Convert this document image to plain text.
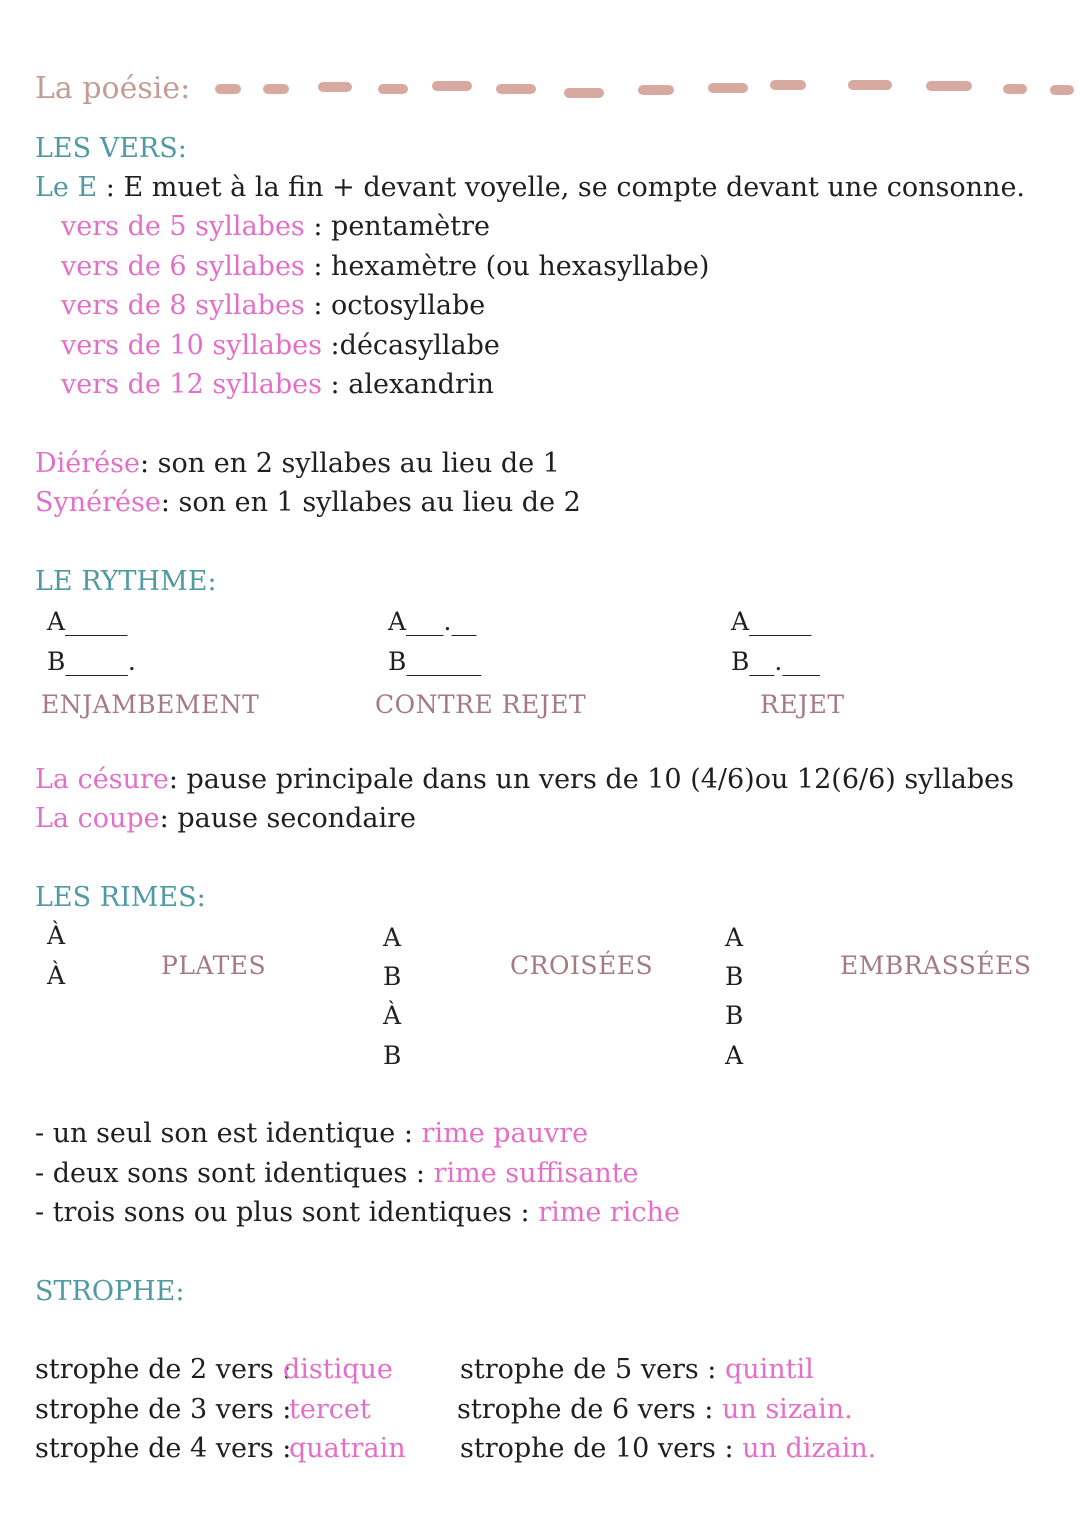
La poésie:
LES VERS:
Le E : E muet à la fin + devant voyelle, se compte devant une consonne.
vers de 5 syllabes : pentamètre
vers de 6 syllabes : hexamètre (ou hexasyllabe)
vers de 8 syllabes : octosyllabe
vers de 10 syllabes :décasyllabe
vers de 12 syllabes : alexandrin
Diérése: son en 2 syllabes au lieu de 1
Synérése: son en 1 syllabes au lieu de 2
LE RYTHME:
A_____
B_____.
ENJAMBEMENT
A___.__
B______
CONTRE REJET
A_____
B__.___
REJET
La césure: pause principale dans un vers de 10 (4/6)ou 12(6/6) syllabes
La coupe: pause secondaire
LES RIMES:
À
À	PLATES
A
B
À
B
CROISÉES
A
B
B
A
EMBRASSÉES
- un seul son est identique : rime pauvre
- deux sons sont identiques : rime suffisante
- trois sons ou plus sont identiques : rime riche
STROPHE:
strophe de 2 vers :
distique
strophe de 3 vers :
tercet
strophe de 4 vers :
quatrain
strophe de 5 vers : quintil
strophe de 6 vers : un sizain.
strophe de 10 vers : un dizain.
